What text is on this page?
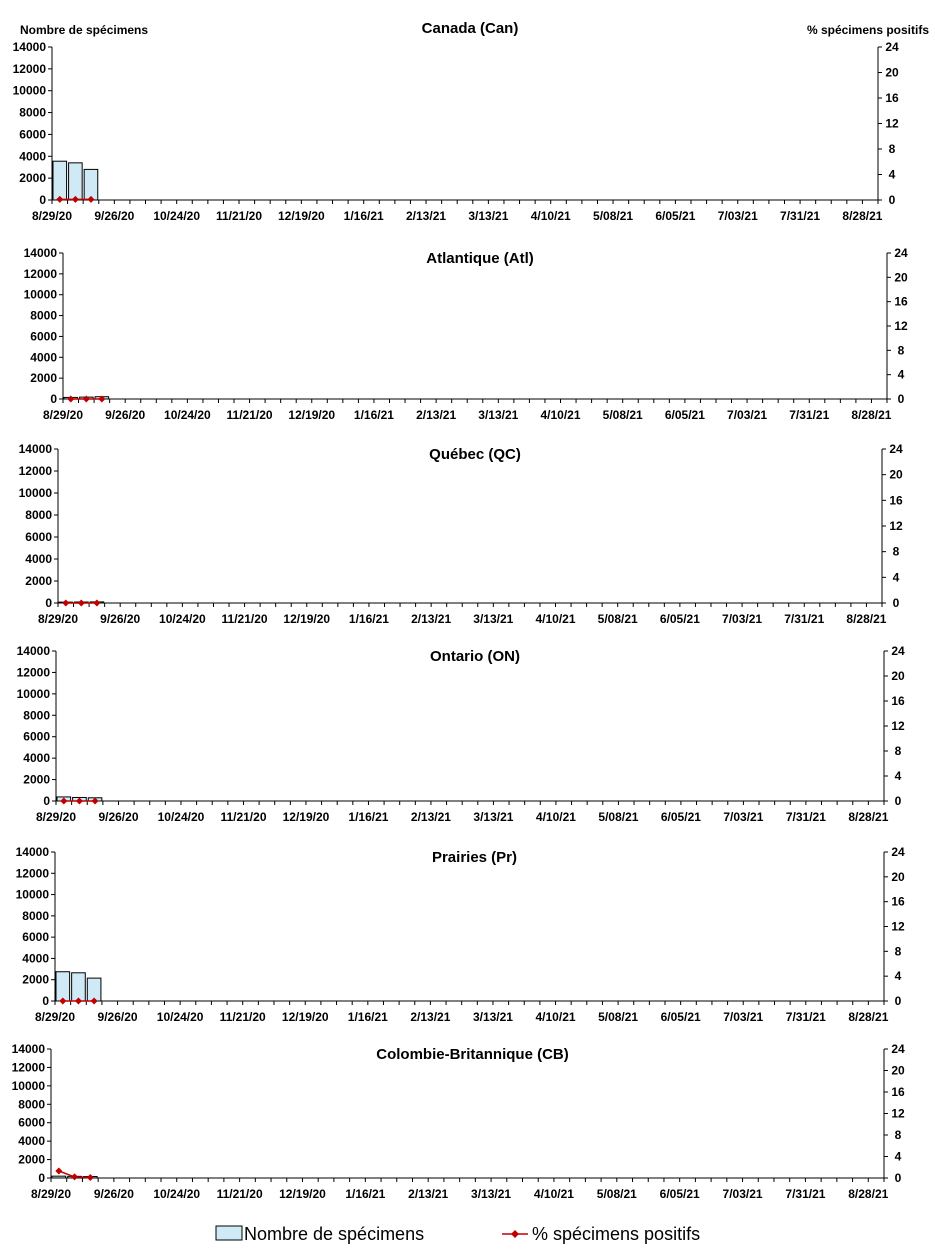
Canada (Can)
Nombre de spécimens	% spécimens positifs
0
2000
4000
6000
8000
10000
12000
14000
0
4
8
12
16
20
24
8/29/20 9/26/20 10/24/20 11/21/20 12/19/20 1/16/21 2/13/21 3/13/21 4/10/21 5/08/21 6/05/21 7/03/21 7/31/21 8/28/21
Atlantique (Atl)
0
2000
4000
6000
8000
10000
12000
14000
0
4
8
12
16
20
24
8/29/20 9/26/20 10/24/20 11/21/20 12/19/20 1/16/21 2/13/21 3/13/21 4/10/21 5/08/21 6/05/21 7/03/21 7/31/21 8/28/21
Québec (QC)
0
2000
4000
6000
8000
10000
12000
14000
0
4
8
12
16
20
24
8/29/20 9/26/20 10/24/20 11/21/20 12/19/20 1/16/21 2/13/21 3/13/21 4/10/21 5/08/21 6/05/21 7/03/21 7/31/21 8/28/21
Ontario (ON)
0
2000
4000
6000
8000
10000
12000
14000
0
4
8
12
16
20
24
8/29/20 9/26/20 10/24/20 11/21/20 12/19/20 1/16/21 2/13/21 3/13/21 4/10/21 5/08/21 6/05/21 7/03/21 7/31/21 8/28/21
Prairies (Pr)
0
2000
4000
6000
8000
10000
12000
14000
0
4
8
12
16
20
24
8/29/20 9/26/20 10/24/20 11/21/20 12/19/20 1/16/21 2/13/21 3/13/21 4/10/21 5/08/21 6/05/21 7/03/21 7/31/21 8/28/21
Colombie-Britannique (CB)
0
2000
4000
6000
8000
10000
12000
14000
0
4
8
12
16
20
24
8/29/20 9/26/20 10/24/20 11/21/20 12/19/20 1/16/21 2/13/21 3/13/21 4/10/21 5/08/21 6/05/21 7/03/21 7/31/21 8/28/21
Nombre de spécimens	% spécimens positifs
